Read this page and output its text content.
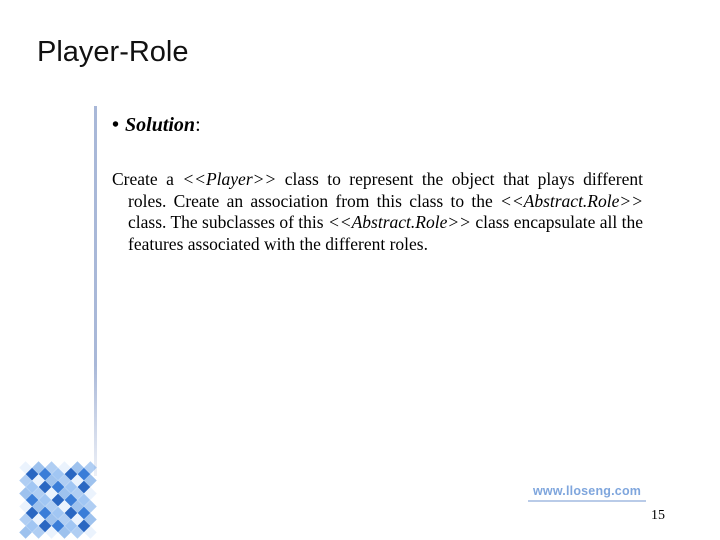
Player-Role
• Solution:

Create a <<Player>> class to represent the object that plays different roles. Create an association from this class to the <<Abstract.Role>> class. The subclasses of this <<Abstract.Role>> class encapsulate all the features associated with the different roles.

www.lloseng.com
15
